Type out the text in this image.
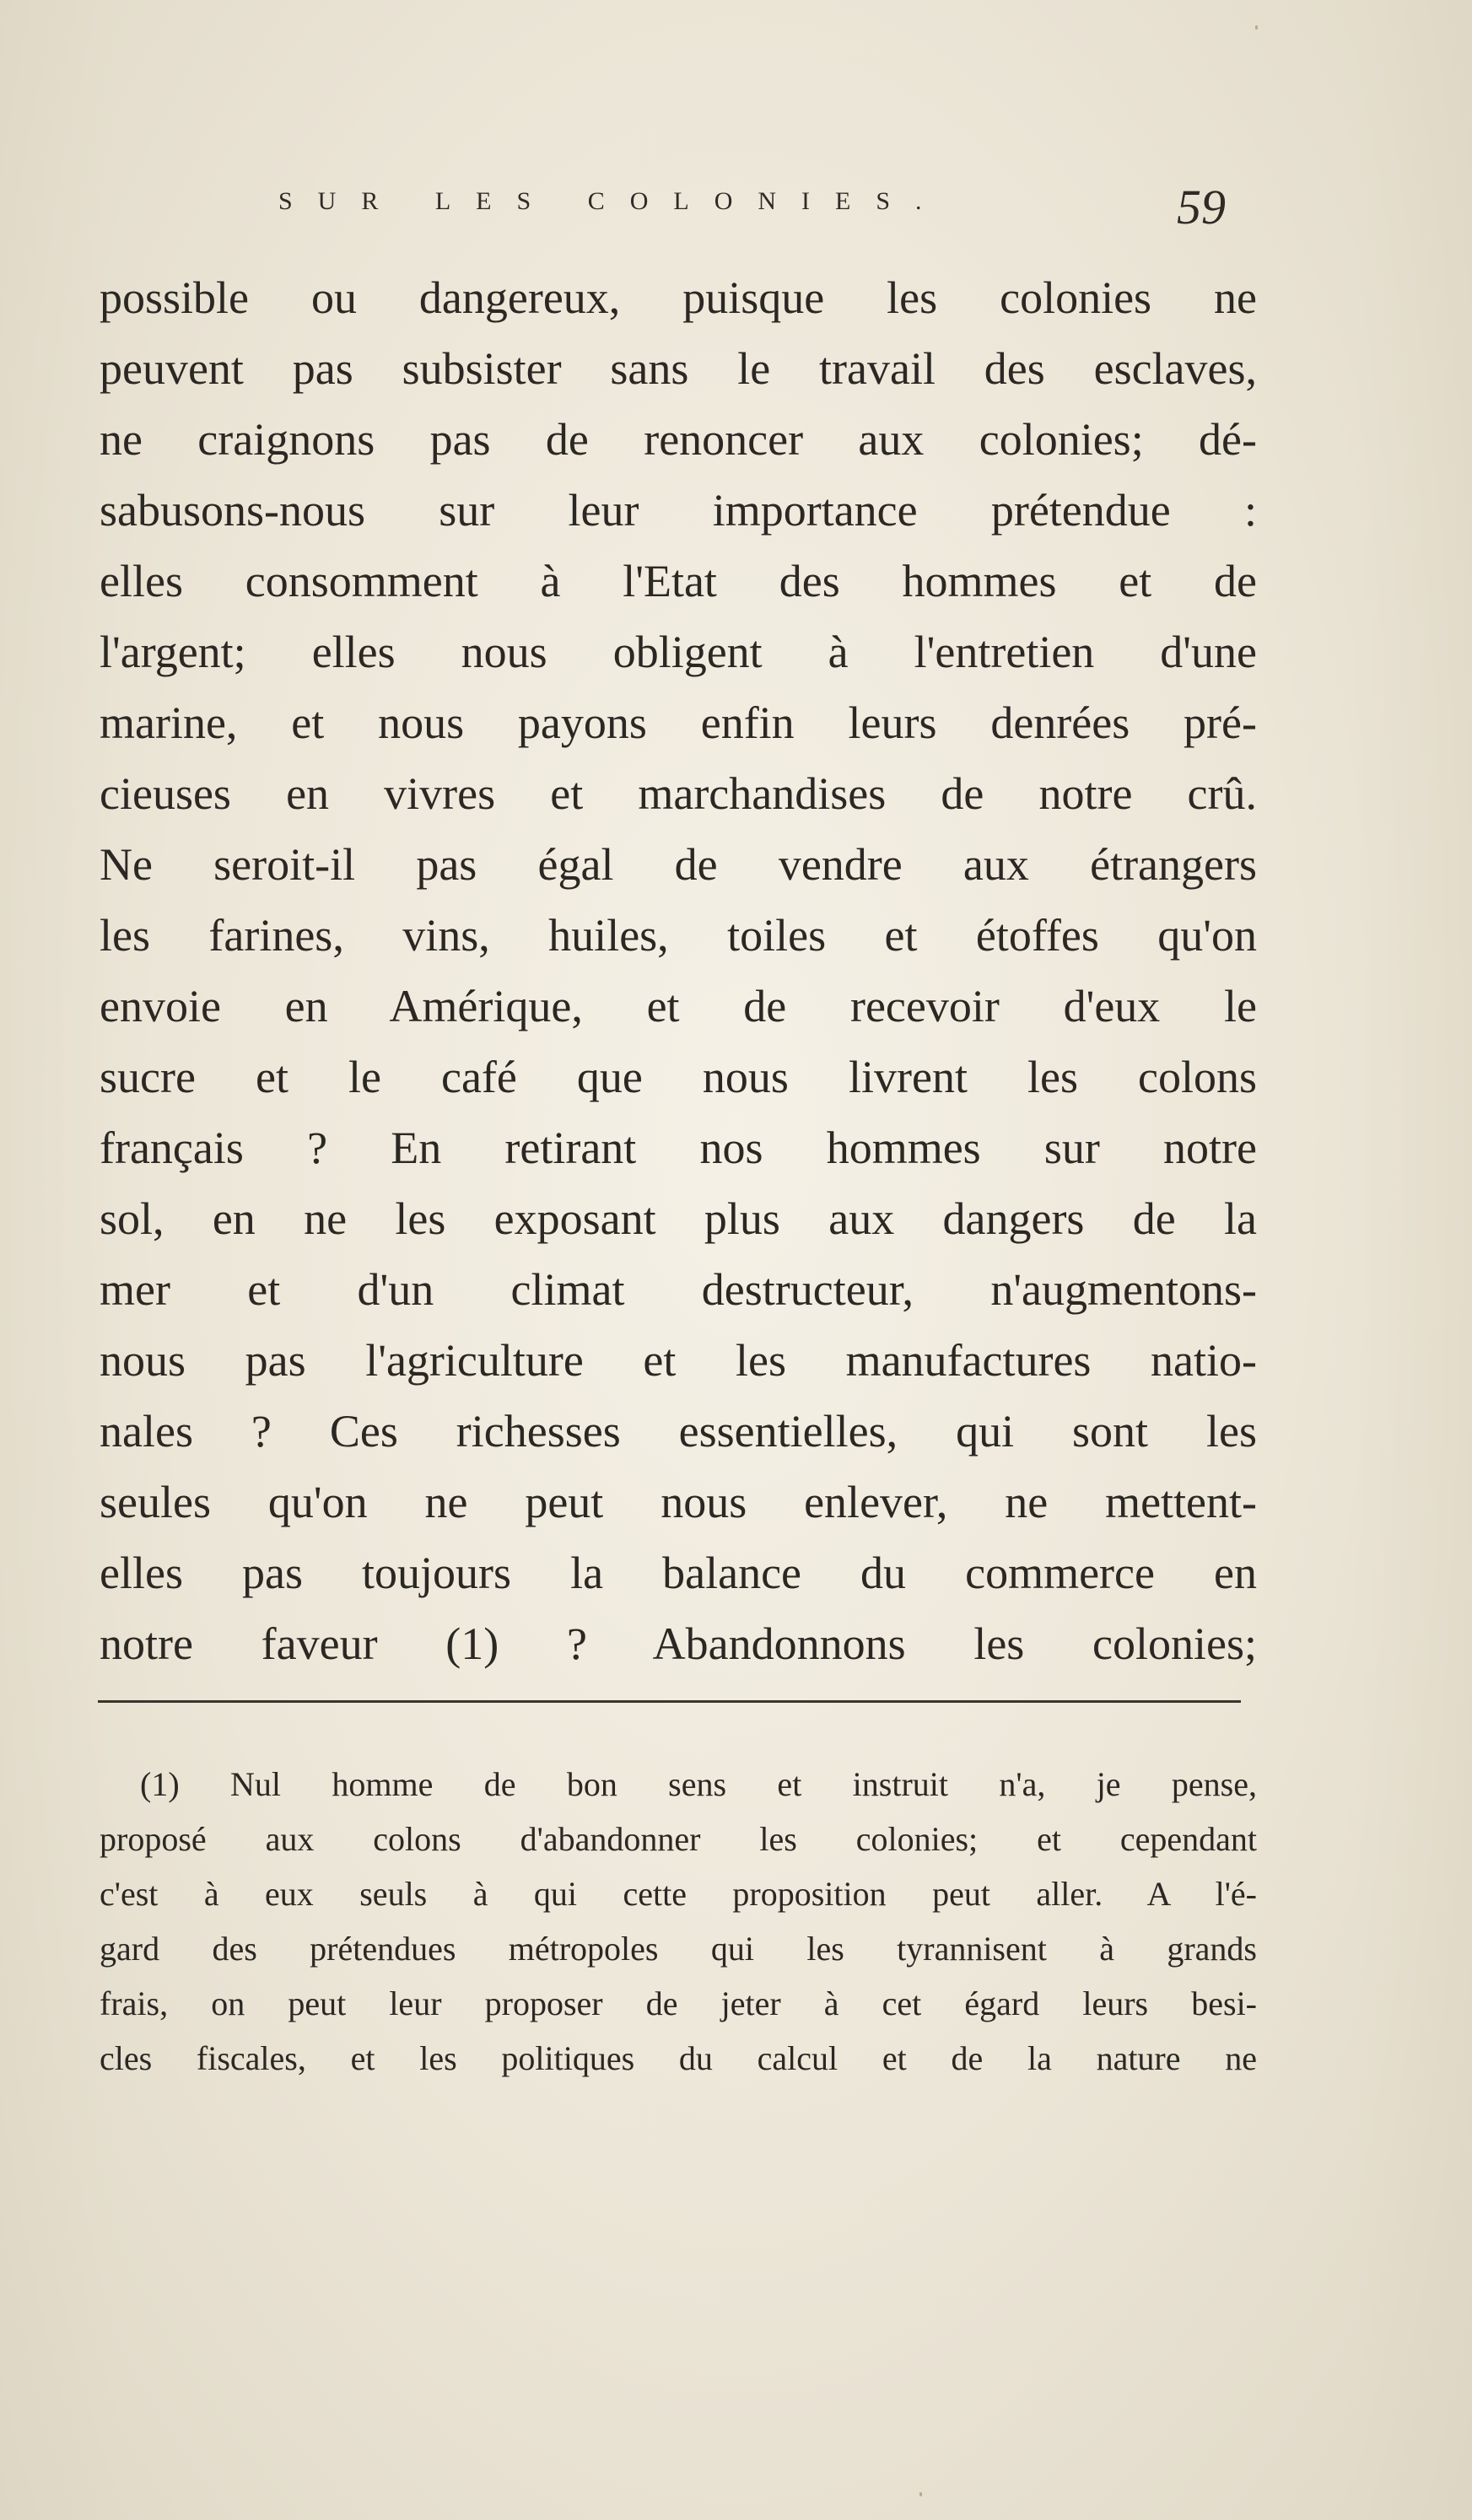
SUR LES COLONIES.	59
possible ou dangereux, puisque les colonies ne
peuvent pas subsister sans le travail des esclaves,
ne craignons pas de renoncer aux colonies; dé-
sabusons-nous sur leur importance prétendue :
elles consomment à l'Etat des hommes et de
l'argent; elles nous obligent à l'entretien d'une
marine, et nous payons enfin leurs denrées pré-
cieuses en vivres et marchandises de notre crû.
Ne seroit-il pas égal de vendre aux étrangers
les farines, vins, huiles, toiles et étoffes qu'on
envoie en Amérique, et de recevoir d'eux le
sucre et le café que nous livrent les colons
français ? En retirant nos hommes sur notre
sol, en ne les exposant plus aux dangers de la
mer et d'un climat destructeur, n'augmentons-
nous pas l'agriculture et les manufactures natio-
nales ? Ces richesses essentielles, qui sont les
seules qu'on ne peut nous enlever, ne mettent-
elles pas toujours la balance du commerce en
notre faveur (1) ? Abandonnons les colonies;
(1) Nul homme de bon sens et instruit n'a, je pense,
proposé aux colons d'abandonner les colonies; et cependant
c'est à eux seuls à qui cette proposition peut aller. A l'é-
gard des prétendues métropoles qui les tyrannisent à grands
frais, on peut leur proposer de jeter à cet égard leurs besi-
cles fiscales, et les politiques du calcul et de la nature ne
